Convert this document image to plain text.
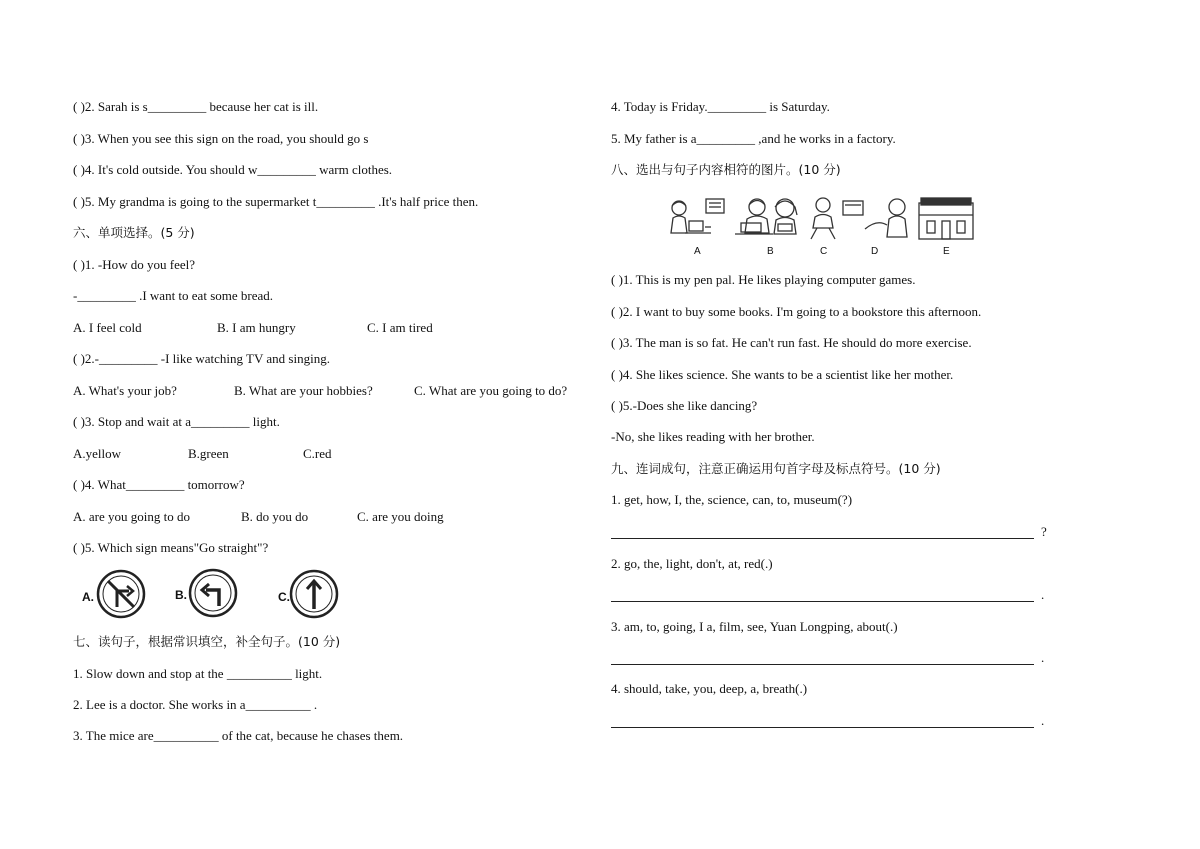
( )2. Sarah is s_________ because her cat is ill.
( )3. When you see this sign on the road, you should go s
( )4. It's cold outside. You should w_________ warm clothes.
( )5. My grandma is going to the supermarket t_________ .It's half price then.
六、单项选择。(5 分)
( )1. -How do you feel?
-_________ .I want to eat some bread.
A. I feel cold	B. I am hungry	C. I am tired
( )2.-_________ -I like watching TV and singing.
A. What's your job?	B. What are your hobbies?	C. What are you going to do?
( )3. Stop and wait at a_________ light.
A.yellow	B.green	C.red
( )4. What_________ tomorrow?
A. are you going to do	B. do you do	C. are you doing
( )5. Which sign means"Go straight"?
A.	B.	C.
七、读句子，根据常识填空，补全句子。(10 分)
1. Slow down and stop at the __________ light.
2. Lee is a doctor. She works in a__________ .
3. The mice are__________ of the cat, because he chases them.
4. Today is Friday._________ is Saturday.
5. My father is a_________ ,and he works in a factory.
八、选出与句子内容相符的图片。(10 分)
A	B	C	D	E
( )1. This is my pen pal. He likes playing computer games.
( )2. I want to buy some books. I'm going to a bookstore this afternoon.
( )3. The man is so fat. He can't run fast. He should do more exercise.
( )4. She likes science. She wants to be a scientist like her mother.
( )5.-Does she like dancing?
-No, she likes reading with her brother.
九、连词成句，注意正确运用句首字母及标点符号。(10 分)
1. get, how, I, the, science, can, to, museum(?)
?
2. go, the, light, don't, at, red(.)
.
3. am, to, going, I a, film, see, Yuan Longping, about(.)
.
4. should, take, you, deep, a, breath(.)
.
